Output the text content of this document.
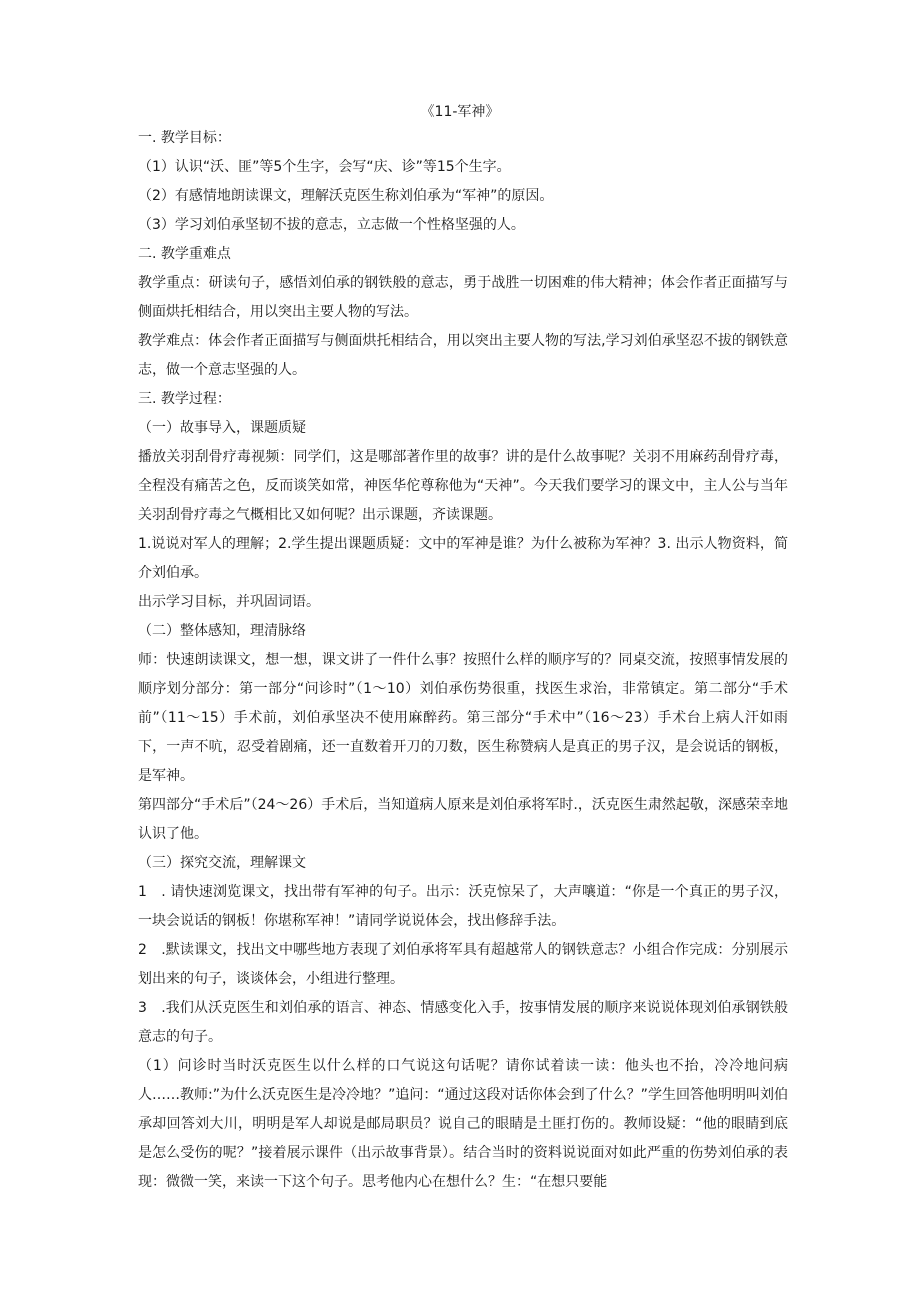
《11-军神》

一. 教学目标：

（1）认识“沃、匪”等5个生字，会写“庆、诊”等15个生字。

（2）有感情地朗读课文，理解沃克医生称刘伯承为“军神”的原因。

（3）学习刘伯承坚韧不拔的意志，立志做一个性格坚强的人。

二. 教学重难点

教学重点：研读句子，感悟刘伯承的钢铁般的意志，勇于战胜一切困难的伟大精神；体会作者正面描写与侧面烘托相结合，用以突出主要人物的写法。

教学难点：体会作者正面描写与侧面烘托相结合，用以突出主要人物的写法,学习刘伯承坚忍不拔的钢铁意志，做一个意志坚强的人。

三. 教学过程：

（一）故事导入，课题质疑

播放关羽刮骨疗毒视频：同学们，这是哪部著作里的故事？讲的是什么故事呢？关羽不用麻药刮骨疗毒，全程没有痛苦之色，反而谈笑如常，神医华佗尊称他为“天神”。今天我们要学习的课文中，主人公与当年关羽刮骨疗毒之气概相比又如何呢？出示课题，齐读课题。

1.说说对军人的理解；2.学生提出课题质疑：文中的军神是谁？为什么被称为军神？3. 出示人物资料，简介刘伯承。

出示学习目标，并巩固词语。

（二）整体感知，理清脉络

师：快速朗读课文，想一想，课文讲了一件什么事？按照什么样的顺序写的？同桌交流，按照事情发展的顺序划分部分：第一部分“问诊时”（1〜10）刘伯承伤势很重，找医生求治，非常镇定。第二部分“手术前”（11〜15）手术前，刘伯承坚决不使用麻醉药。第三部分“手术中”（16〜23）手术台上病人汗如雨下，一声不吭，忍受着剧痛，还一直数着开刀的刀数，医生称赞病人是真正的男子汉，是会说话的钢板，是军神。

第四部分“手术后”（24〜26）手术后，当知道病人原来是刘伯承将军时.，沃克医生肃然起敬，深感荣幸地认识了他。

（三）探究交流，理解课文

1　. 请快速浏览课文，找出带有军神的句子。出示：沃克惊呆了，大声嚷道：“你是一个真正的男子汉，一块会说话的钢板！你堪称军神！”请同学说说体会，找出修辞手法。

2　.默读课文，找出文中哪些地方表现了刘伯承将军具有超越常人的钢铁意志？小组合作完成：分别展示划出来的句子，谈谈体会，小组进行整理。

3　.我们从沃克医生和刘伯承的语言、神态、情感变化入手，按事情发展的顺序来说说体现刘伯承钢铁般意志的句子。

（1）问诊时当时沃克医生以什么样的口气说这句话呢？请你试着读一读：他头也不抬，冷冷地问病人……教师:”为什么沃克医生是冷冷地？”追问：“通过这段对话你体会到了什么？”学生回答他明明叫刘伯承却回答刘大川，明明是军人却说是邮局职员？说自己的眼睛是土匪打伤的。教师设疑：“他的眼睛到底是怎么受伤的呢？”接着展示课件（出示故事背景）。结合当时的资料说说面对如此严重的伤势刘伯承的表现：微微一笑，来读一下这个句子。思考他内心在想什么？生：“在想只要能
